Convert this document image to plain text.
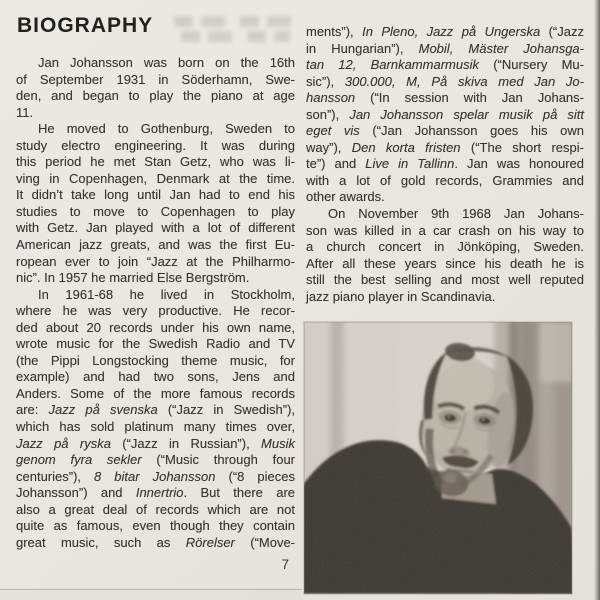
BIOGRAPHY
Jan Johansson was born on the 16th
of September 1931 in Söderhamn, Swe-
den, and began to play the piano at age
11.
He moved to Gothenburg, Sweden to
study electro engineering. It was during
this period he met Stan Getz, who was li-
ving in Copenhagen, Denmark at the time.
It didn’t take long until Jan had to end his
studies to move to Copenhagen to play
with Getz. Jan played with a lot of different
American jazz greats, and was the first Eu-
ropean ever to join “Jazz at the Philharmo-
nic”. In 1957 he married Else Bergström.
In 1961-68 he lived in Stockholm,
where he was very productive. He recor-
ded about 20 records under his own name,
wrote music for the Swedish Radio and TV
(the Pippi Longstocking theme music, for
example) and had two sons, Jens and
Anders. Some of the more famous records
are: Jazz på svenska (“Jazz in Swedish”),
which has sold platinum many times over,
Jazz på ryska (“Jazz in Russian”), Musik
genom fyra sekler (“Music through four
centuries”), 8 bitar Johansson (“8 pieces
Johansson”) and Innertrio. But there are
also a great deal of records which are not
quite as famous, even though they contain
great music, such as Rörelser (“Move-
ments”), In Pleno, Jazz på Ungerska (“Jazz
in Hungarian”), Mobil, Mäster Johansga-
tan 12, Barnkammarmusik (“Nursery Mu-
sic”), 300.000, M, På skiva med Jan Jo-
hansson (“In session with Jan Johans-
son”), Jan Johansson spelar musik på sitt
eget vis (“Jan Johansson goes his own
way”), Den korta fristen (“The short respi-
te”) and Live in Tallinn. Jan was honoured
with a lot of gold records, Grammies and
other awards.
On November 9th 1968 Jan Johans-
son was killed in a car crash on his way to
a church concert in Jönköping, Sweden.
After all these years since his death he is
still the best selling and most well reputed
jazz piano player in Scandinavia.
7
